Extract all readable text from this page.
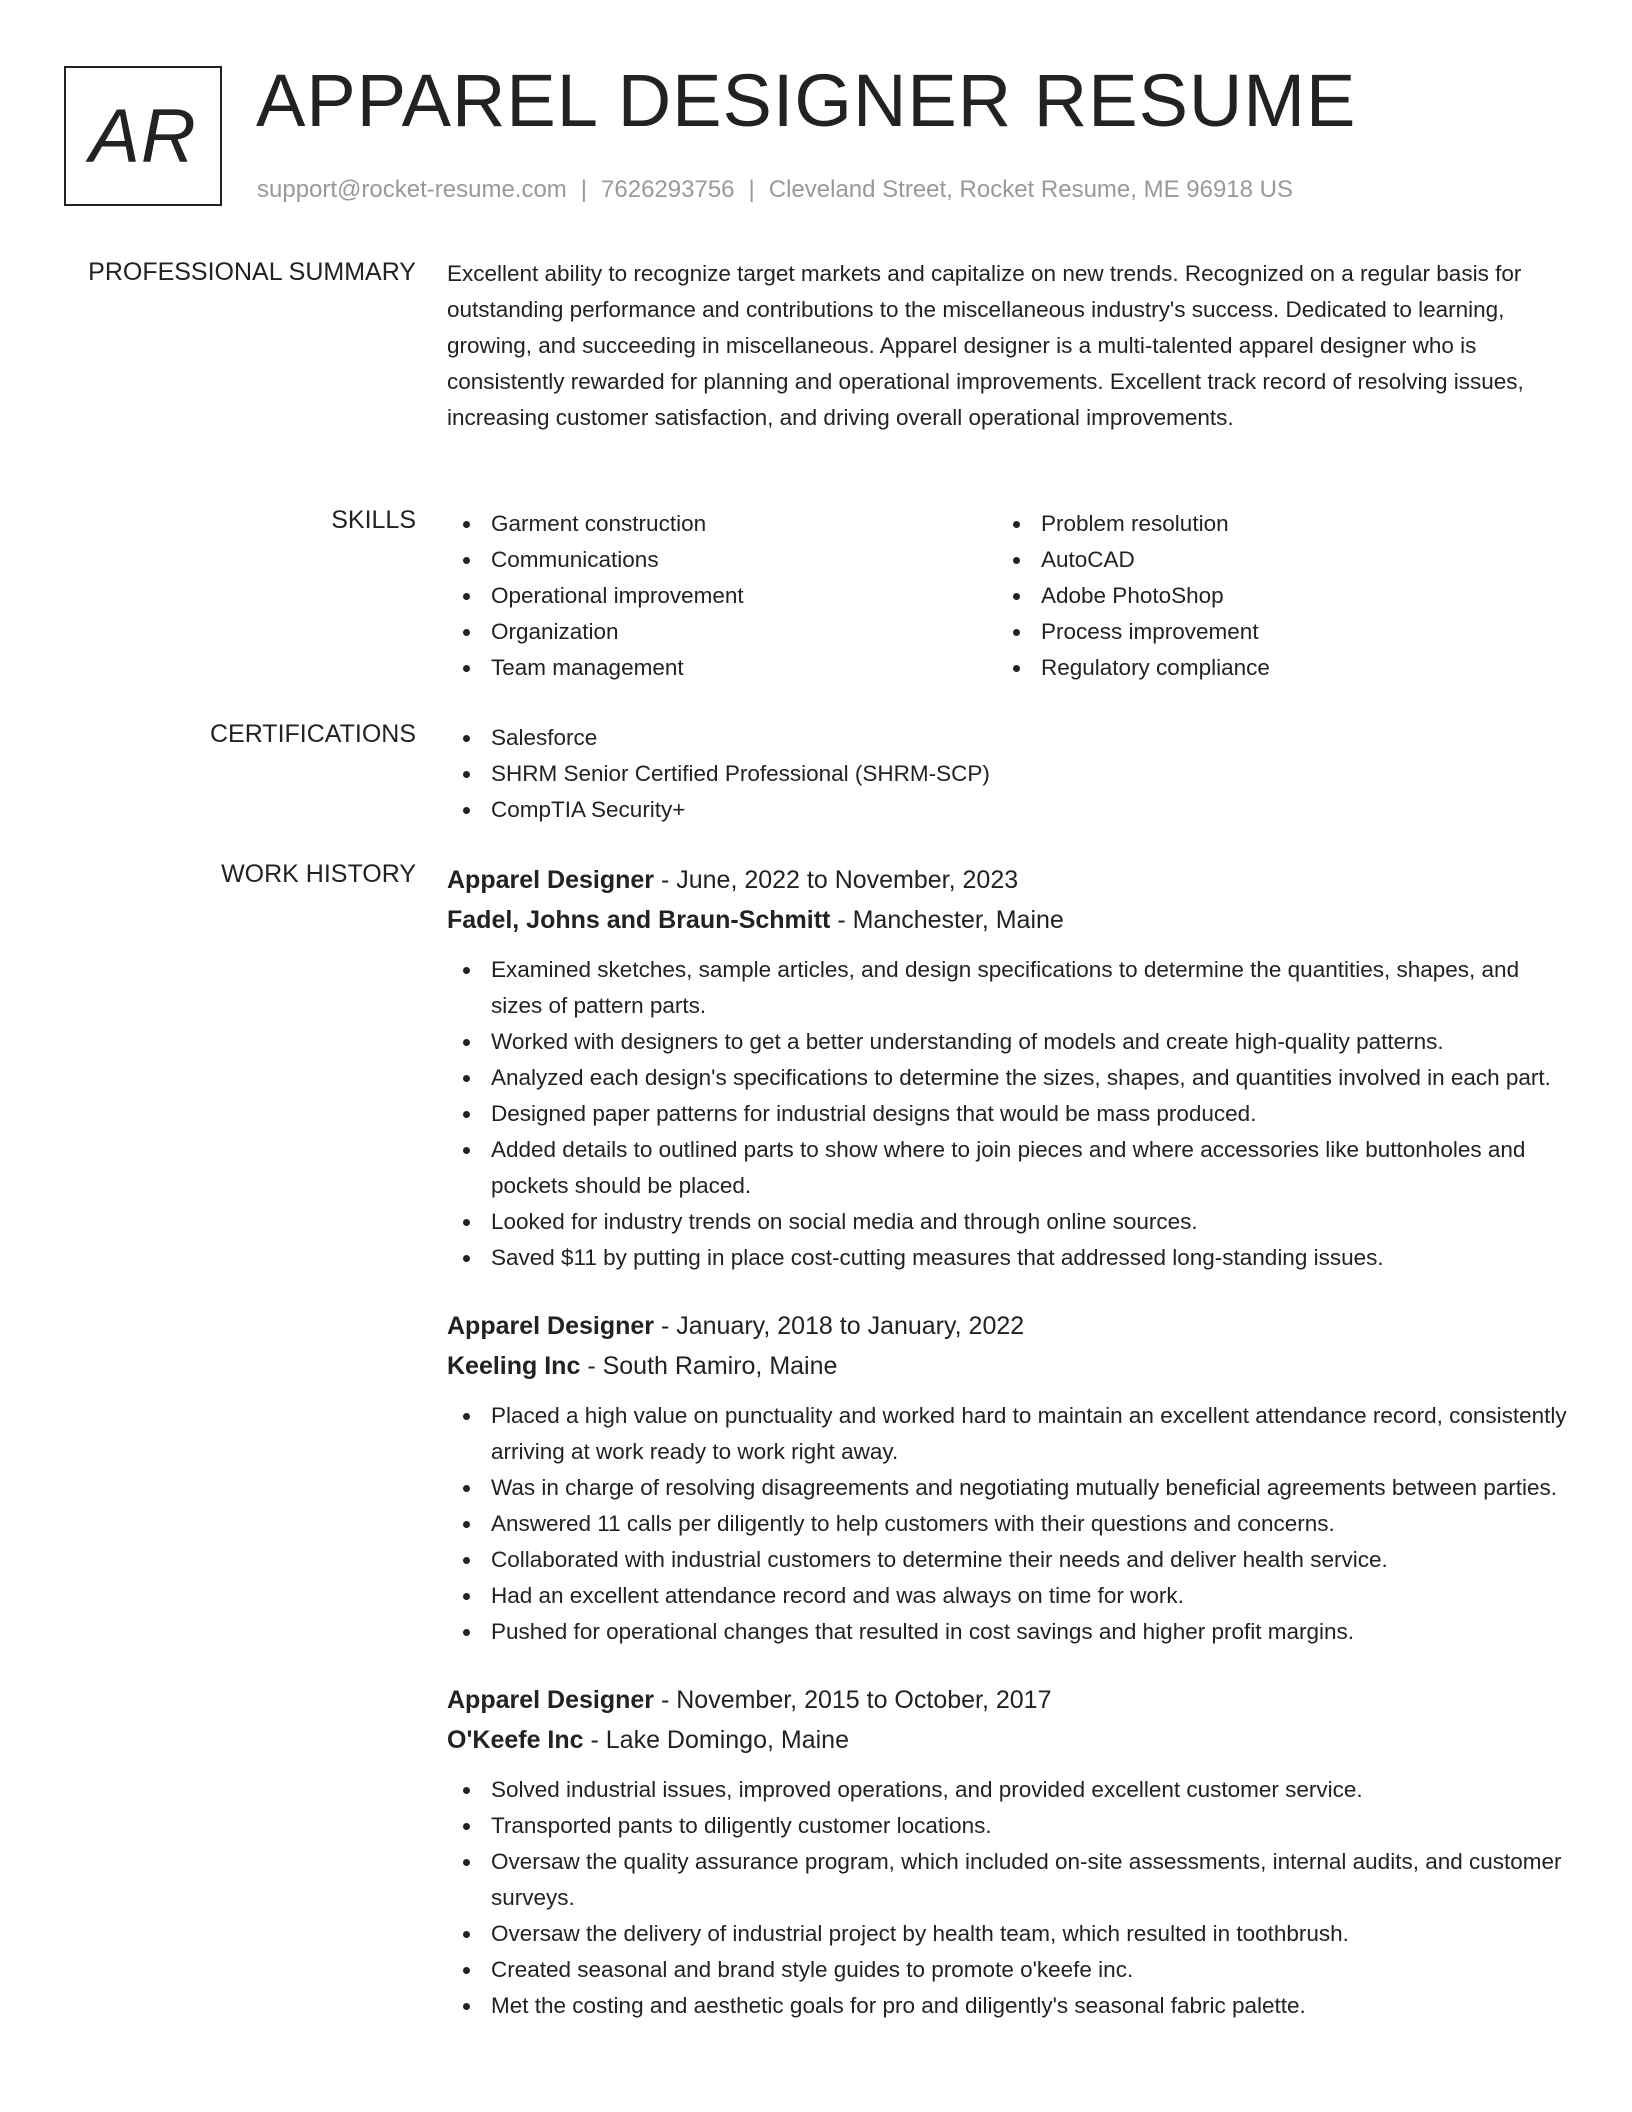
AR APPAREL DESIGNER RESUME
support@rocket-resume.com | 7626293756 | Cleveland Street, Rocket Resume, ME 96918 US
PROFESSIONAL SUMMARY Excellent ability to recognize target markets and capitalize on new trends. Recognized on a regular basis for outstanding performance and contributions to the miscellaneous industry's success. Dedicated to learning, growing, and succeeding in miscellaneous. Apparel designer is a multi-talented apparel designer who is consistently rewarded for planning and operational improvements. Excellent track record of resolving issues, increasing customer satisfaction, and driving overall operational improvements.

SKILLS	Garment construction
Communications
Operational improvement
Organization
Team management
Problem resolution
AutoCAD
Adobe PhotoShop
Process improvement
Regulatory compliance
CERTIFICATIONS	Salesforce
SHRM Senior Certified Professional (SHRM-SCP)
CompTIA Security+
WORK HISTORY Apparel Designer - June, 2022 to November, 2023
Fadel, Johns and Braun-Schmitt - Manchester, Maine
Examined sketches, sample articles, and design specifications to determine the quantities, shapes, and sizes of pattern parts.
Worked with designers to get a better understanding of models and create high-quality patterns.
Analyzed each design's specifications to determine the sizes, shapes, and quantities involved in each part.
Designed paper patterns for industrial designs that would be mass produced.
Added details to outlined parts to show where to join pieces and where accessories like buttonholes and pockets should be placed.
Looked for industry trends on social media and through online sources.
Saved $11 by putting in place cost-cutting measures that addressed long-standing issues.
Apparel Designer - January, 2018 to January, 2022
Keeling Inc - South Ramiro, Maine
Placed a high value on punctuality and worked hard to maintain an excellent attendance record, consistently arriving at work ready to work right away.
Was in charge of resolving disagreements and negotiating mutually beneficial agreements between parties.
Answered 11 calls per diligently to help customers with their questions and concerns.
Collaborated with industrial customers to determine their needs and deliver health service.
Had an excellent attendance record and was always on time for work.
Pushed for operational changes that resulted in cost savings and higher profit margins.
Apparel Designer - November, 2015 to October, 2017
O'Keefe Inc - Lake Domingo, Maine
Solved industrial issues, improved operations, and provided excellent customer service.
Transported pants to diligently customer locations.
Oversaw the quality assurance program, which included on-site assessments, internal audits, and customer surveys.
Oversaw the delivery of industrial project by health team, which resulted in toothbrush.
Created seasonal and brand style guides to promote o'keefe inc.
Met the costing and aesthetic goals for pro and diligently's seasonal fabric palette.
